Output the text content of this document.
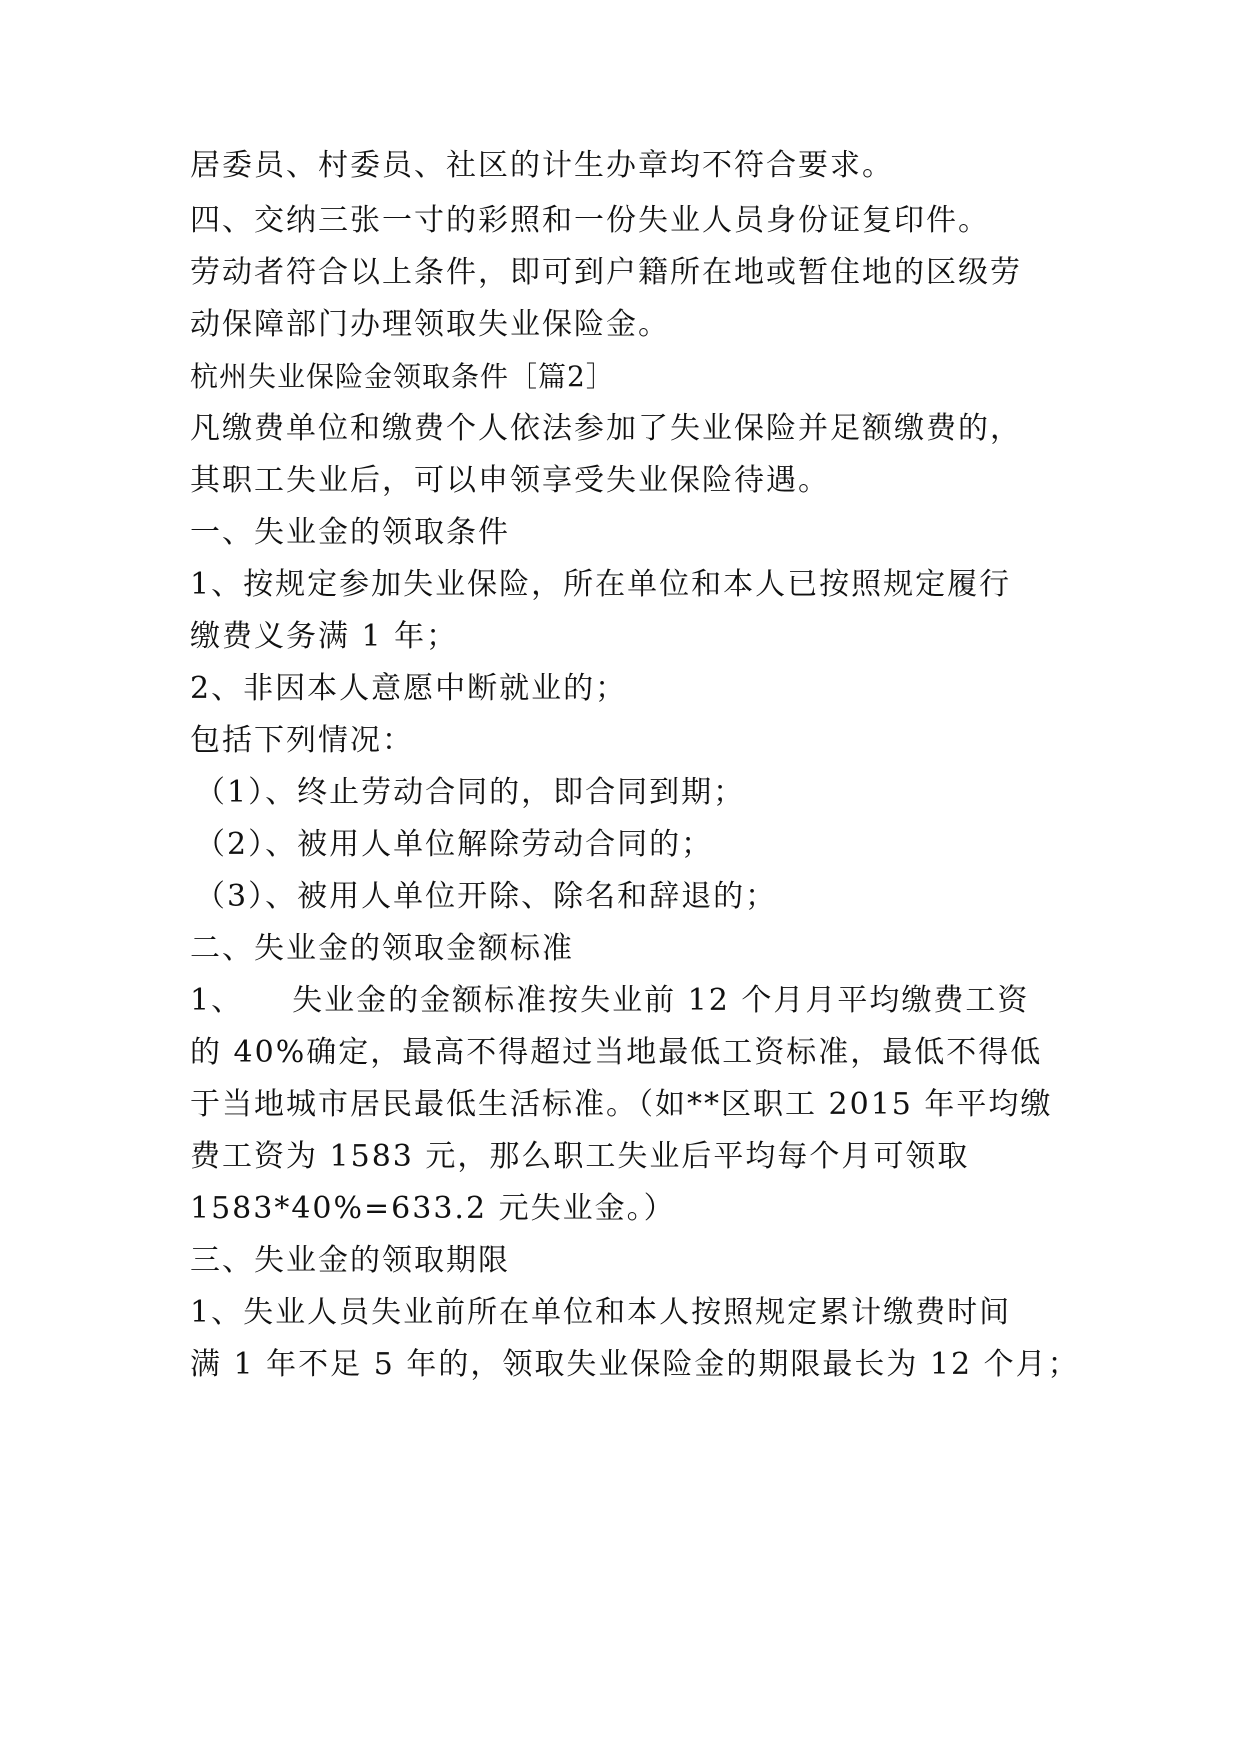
居委员、村委员、社区的计生办章均不符合要求。
四、交纳三张一寸的彩照和一份失业人员身份证复印件。
劳动者符合以上条件，即可到户籍所在地或暂住地的区级劳
动保障部门办理领取失业保险金。
杭州失业保险金领取条件［篇2］
凡缴费单位和缴费个人依法参加了失业保险并足额缴费的，
其职工失业后，可以申领享受失业保险待遇。
一、失业金的领取条件
1、按规定参加失业保险，所在单位和本人已按照规定履行
缴费义务满 1 年；
2、非因本人意愿中断就业的；
包括下列情况：
（1）、终止劳动合同的，即合同到期；
（2）、被用人单位解除劳动合同的；
（3）、被用人单位开除、除名和辞退的；
二、失业金的领取金额标准
1、　　失业金的金额标准按失业前 12 个月月平均缴费工资
的 40%确定，最高不得超过当地最低工资标准，最低不得低
于当地城市居民最低生活标准。（如**区职工 2015 年平均缴
费工资为 1583 元，那么职工失业后平均每个月可领取
1583*40%=633.2 元失业金。）
三、失业金的领取期限
1、失业人员失业前所在单位和本人按照规定累计缴费时间
满 1 年不足 5 年的，领取失业保险金的期限最长为 12 个月；
